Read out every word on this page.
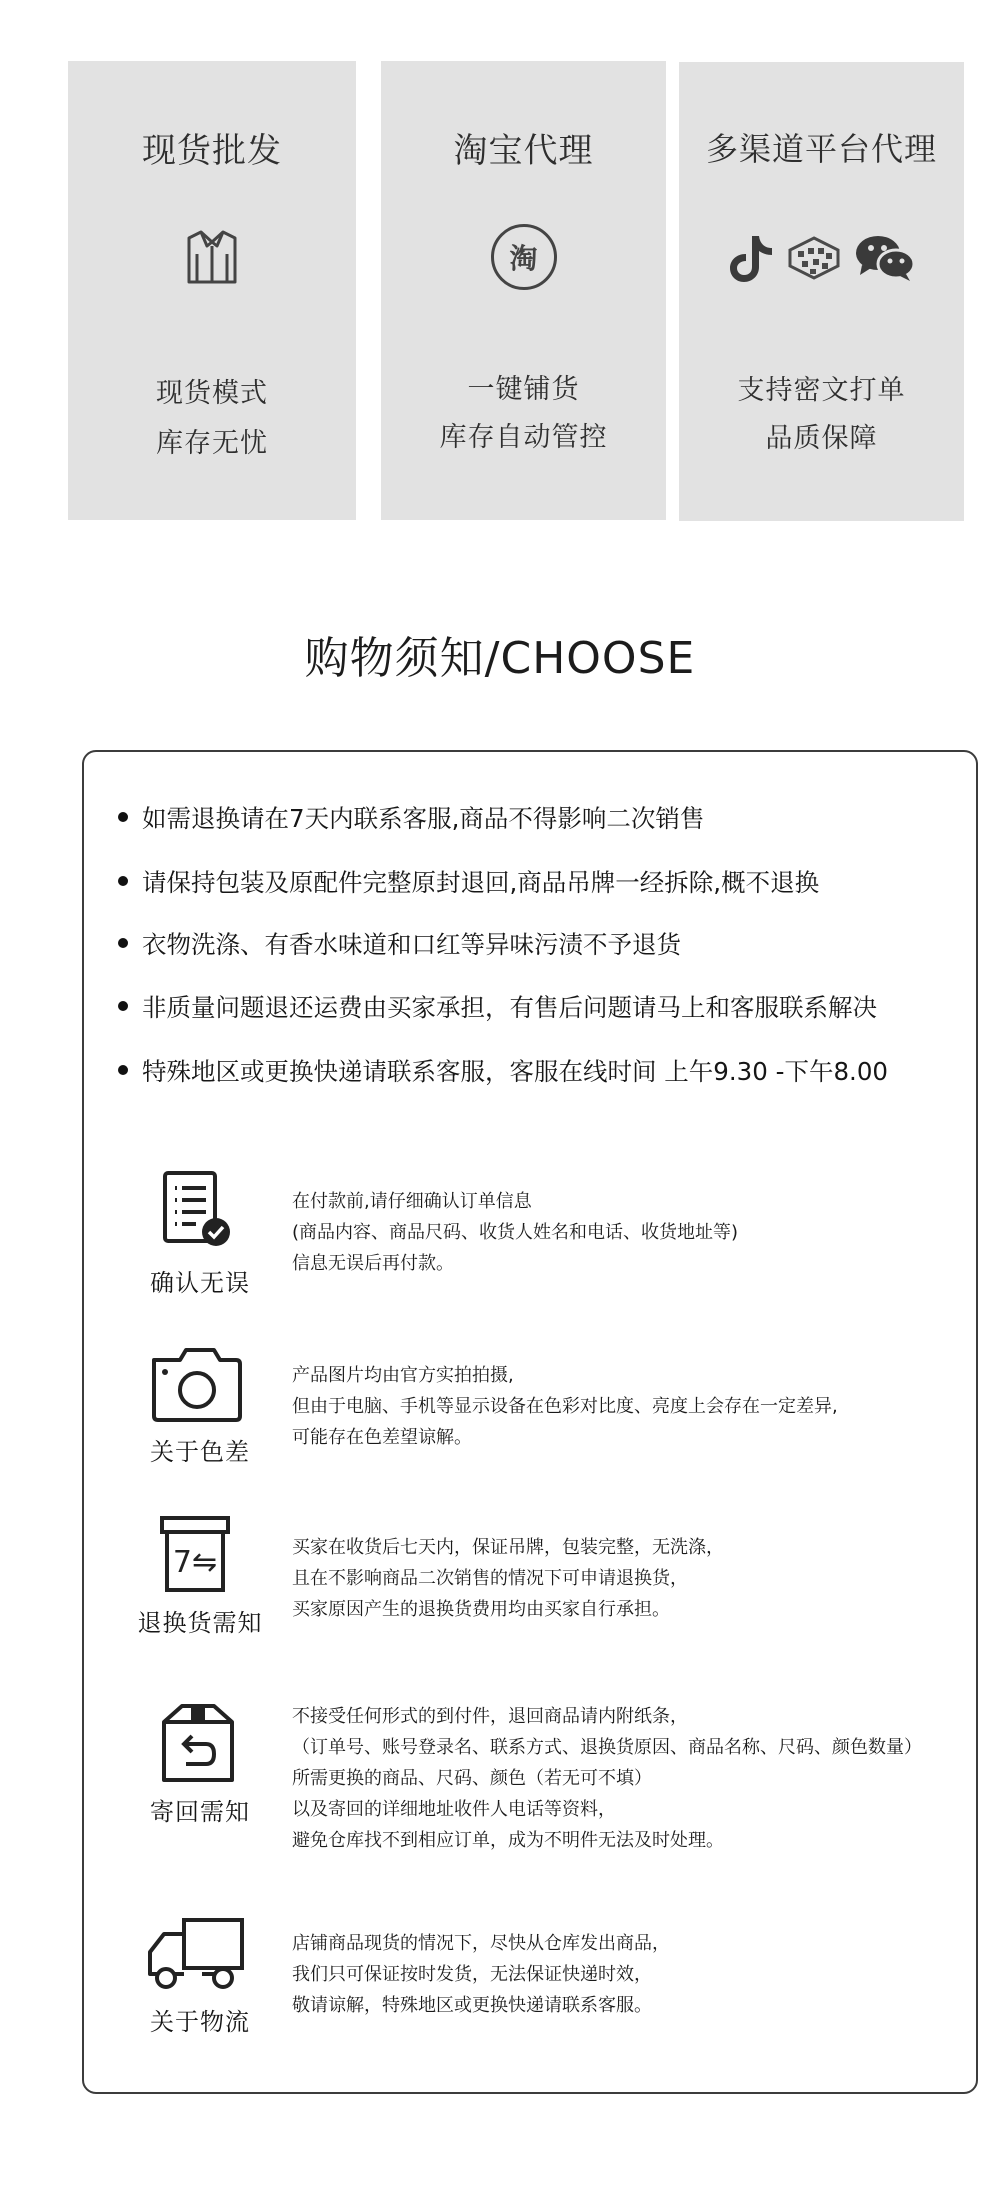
现货批发
现货模式
库存无忧
淘宝代理
淘
一键铺货
库存自动管控
多渠道平台代理
支持密文打单
品质保障
购物须知/CHOOSE
如需退换请在7天内联系客服,商品不得影响二次销售
请保持包装及原配件完整原封退回,商品吊牌一经拆除,概不退换
衣物洗涤、有香水味道和口红等异味污渍不予退货
非质量问题退还运费由买家承担，有售后问题请马上和客服联系解决
特殊地区或更换快递请联系客服，客服在线时间 上午9.30 -下午8.00
确认无误
在付款前,请仔细确认订单信息
(商品内容、商品尺码、收货人姓名和电话、收货地址等)
信息无误后再付款。
关于色差
产品图片均由官方实拍拍摄,
但由于电脑、手机等显示设备在色彩对比度、亮度上会存在一定差异,
可能存在色差望谅解。
7⇋
退换货需知
买家在收货后七天内，保证吊牌，包装完整，无洗涤，
且在不影响商品二次销售的情况下可申请退换货，
买家原因产生的退换货费用均由买家自行承担。
寄回需知
不接受任何形式的到付件，退回商品请内附纸条，
（订单号、账号登录名、联系方式、退换货原因、商品名称、尺码、颜色数量）
所需更换的商品、尺码、颜色（若无可不填）
以及寄回的详细地址收件人电话等资料，
避免仓库找不到相应订单，成为不明件无法及时处理。
关于物流
店铺商品现货的情况下，尽快从仓库发出商品，
我们只可保证按时发货，无法保证快递时效，
敬请谅解，特殊地区或更换快递请联系客服。
